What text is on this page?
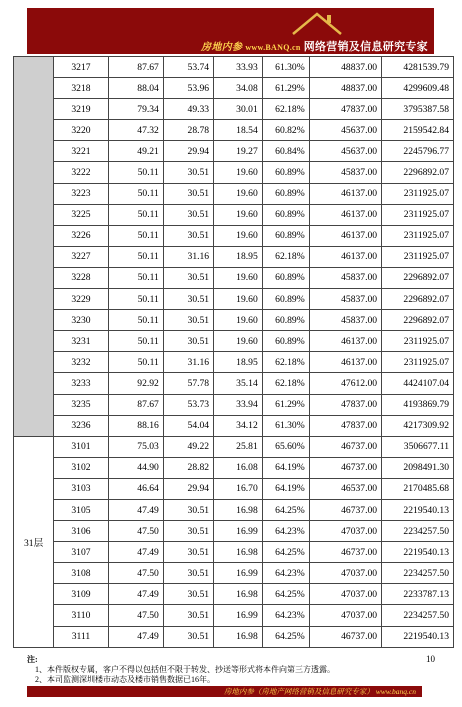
房地内参 www.BANQ.cn 网络营销及信息研究专家
	3217	87.67	53.74	33.93	61.30%	48837.00	4281539.79
	3218	88.04	53.96	34.08	61.29%	48837.00	4299609.48
	3219	79.34	49.33	30.01	62.18%	47837.00	3795387.58
	3220	47.32	28.78	18.54	60.82%	45637.00	2159542.84
	3221	49.21	29.94	19.27	60.84%	45637.00	2245796.77
	3222	50.11	30.51	19.60	60.89%	45837.00	2296892.07
	3223	50.11	30.51	19.60	60.89%	46137.00	2311925.07
	3225	50.11	30.51	19.60	60.89%	46137.00	2311925.07
	3226	50.11	30.51	19.60	60.89%	46137.00	2311925.07
	3227	50.11	31.16	18.95	62.18%	46137.00	2311925.07
	3228	50.11	30.51	19.60	60.89%	45837.00	2296892.07
	3229	50.11	30.51	19.60	60.89%	45837.00	2296892.07
	3230	50.11	30.51	19.60	60.89%	45837.00	2296892.07
	3231	50.11	30.51	19.60	60.89%	46137.00	2311925.07
	3232	50.11	31.16	18.95	62.18%	46137.00	2311925.07
	3233	92.92	57.78	35.14	62.18%	47612.00	4424107.04
	3235	87.67	53.73	33.94	61.29%	47837.00	4193869.79
	3236	88.16	54.04	34.12	61.30%	47837.00	4217309.92
31层	3101	75.03	49.22	25.81	65.60%	46737.00	3506677.11
	3102	44.90	28.82	16.08	64.19%	46737.00	2098491.30
	3103	46.64	29.94	16.70	64.19%	46537.00	2170485.68
	3105	47.49	30.51	16.98	64.25%	46737.00	2219540.13
	3106	47.50	30.51	16.99	64.23%	47037.00	2234257.50
	3107	47.49	30.51	16.98	64.25%	46737.00	2219540.13
	3108	47.50	30.51	16.99	64.23%	47037.00	2234257.50
	3109	47.49	30.51	16.98	64.25%	47037.00	2233787.13
	3110	47.50	30.51	16.99	64.23%	47037.00	2234257.50
	3111	47.49	30.51	16.98	64.25%	46737.00	2219540.13
注:
1、本件版权专属，客户不得以包括但不限于转发、抄送等形式将本件向第三方透露。
2、本司监测深圳楼市动态及楼市销售数据已16年。
10
房地内参（房地产网络营销及信息研究专家） www.banq.cn
